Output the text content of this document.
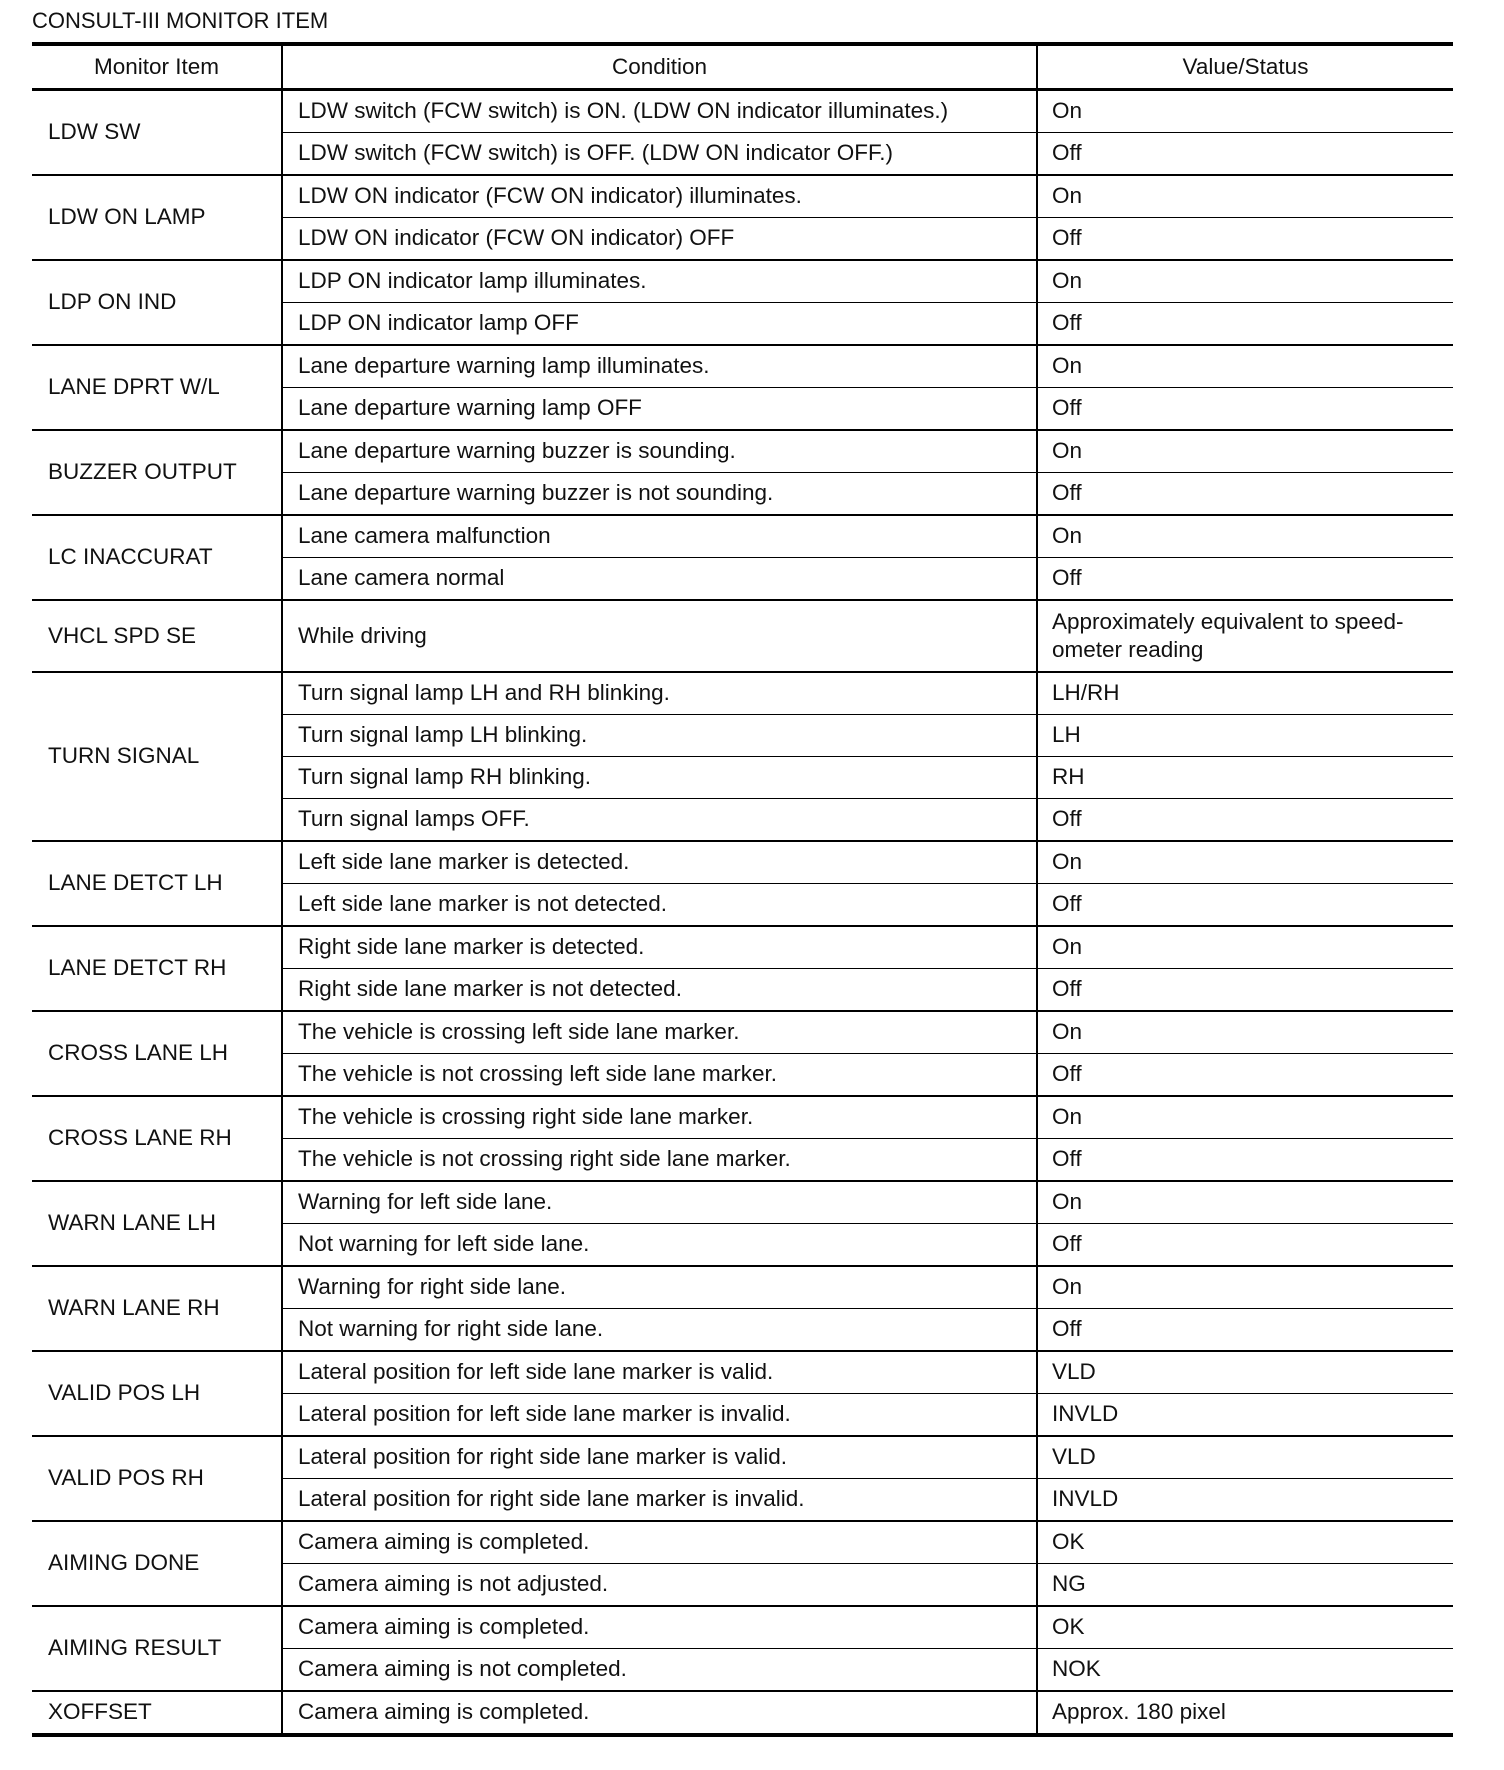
CONSULT-III MONITOR ITEM
Monitor Item	Condition	Value/Status
LDW SW	LDW switch (FCW switch) is ON. (LDW ON indicator illuminates.)	On
	LDW switch (FCW switch) is OFF. (LDW ON indicator OFF.)	Off
LDW ON LAMP	LDW ON indicator (FCW ON indicator) illuminates.	On
	LDW ON indicator (FCW ON indicator) OFF	Off
LDP ON IND	LDP ON indicator lamp illuminates.	On
	LDP ON indicator lamp OFF	Off
LANE DPRT W/L	Lane departure warning lamp illuminates.	On
	Lane departure warning lamp OFF	Off
BUZZER OUTPUT	Lane departure warning buzzer is sounding.	On
	Lane departure warning buzzer is not sounding.	Off
LC INACCURAT	Lane camera malfunction	On
	Lane camera normal	Off
VHCL SPD SE	While driving	Approximately equivalent to speed-ometer reading
TURN SIGNAL	Turn signal lamp LH and RH blinking.	LH/RH
	Turn signal lamp LH blinking.	LH
	Turn signal lamp RH blinking.	RH
	Turn signal lamps OFF.	Off
LANE DETCT LH	Left side lane marker is detected.	On
	Left side lane marker is not detected.	Off
LANE DETCT RH	Right side lane marker is detected.	On
	Right side lane marker is not detected.	Off
CROSS LANE LH	The vehicle is crossing left side lane marker.	On
	The vehicle is not crossing left side lane marker.	Off
CROSS LANE RH	The vehicle is crossing right side lane marker.	On
	The vehicle is not crossing right side lane marker.	Off
WARN LANE LH	Warning for left side lane.	On
	Not warning for left side lane.	Off
WARN LANE RH	Warning for right side lane.	On
	Not warning for right side lane.	Off
VALID POS LH	Lateral position for left side lane marker is valid.	VLD
	Lateral position for left side lane marker is invalid.	INVLD
VALID POS RH	Lateral position for right side lane marker is valid.	VLD
	Lateral position for right side lane marker is invalid.	INVLD
AIMING DONE	Camera aiming is completed.	OK
	Camera aiming is not adjusted.	NG
AIMING RESULT	Camera aiming is completed.	OK
	Camera aiming is not completed.	NOK
XOFFSET	Camera aiming is completed.	Approx. 180 pixel
